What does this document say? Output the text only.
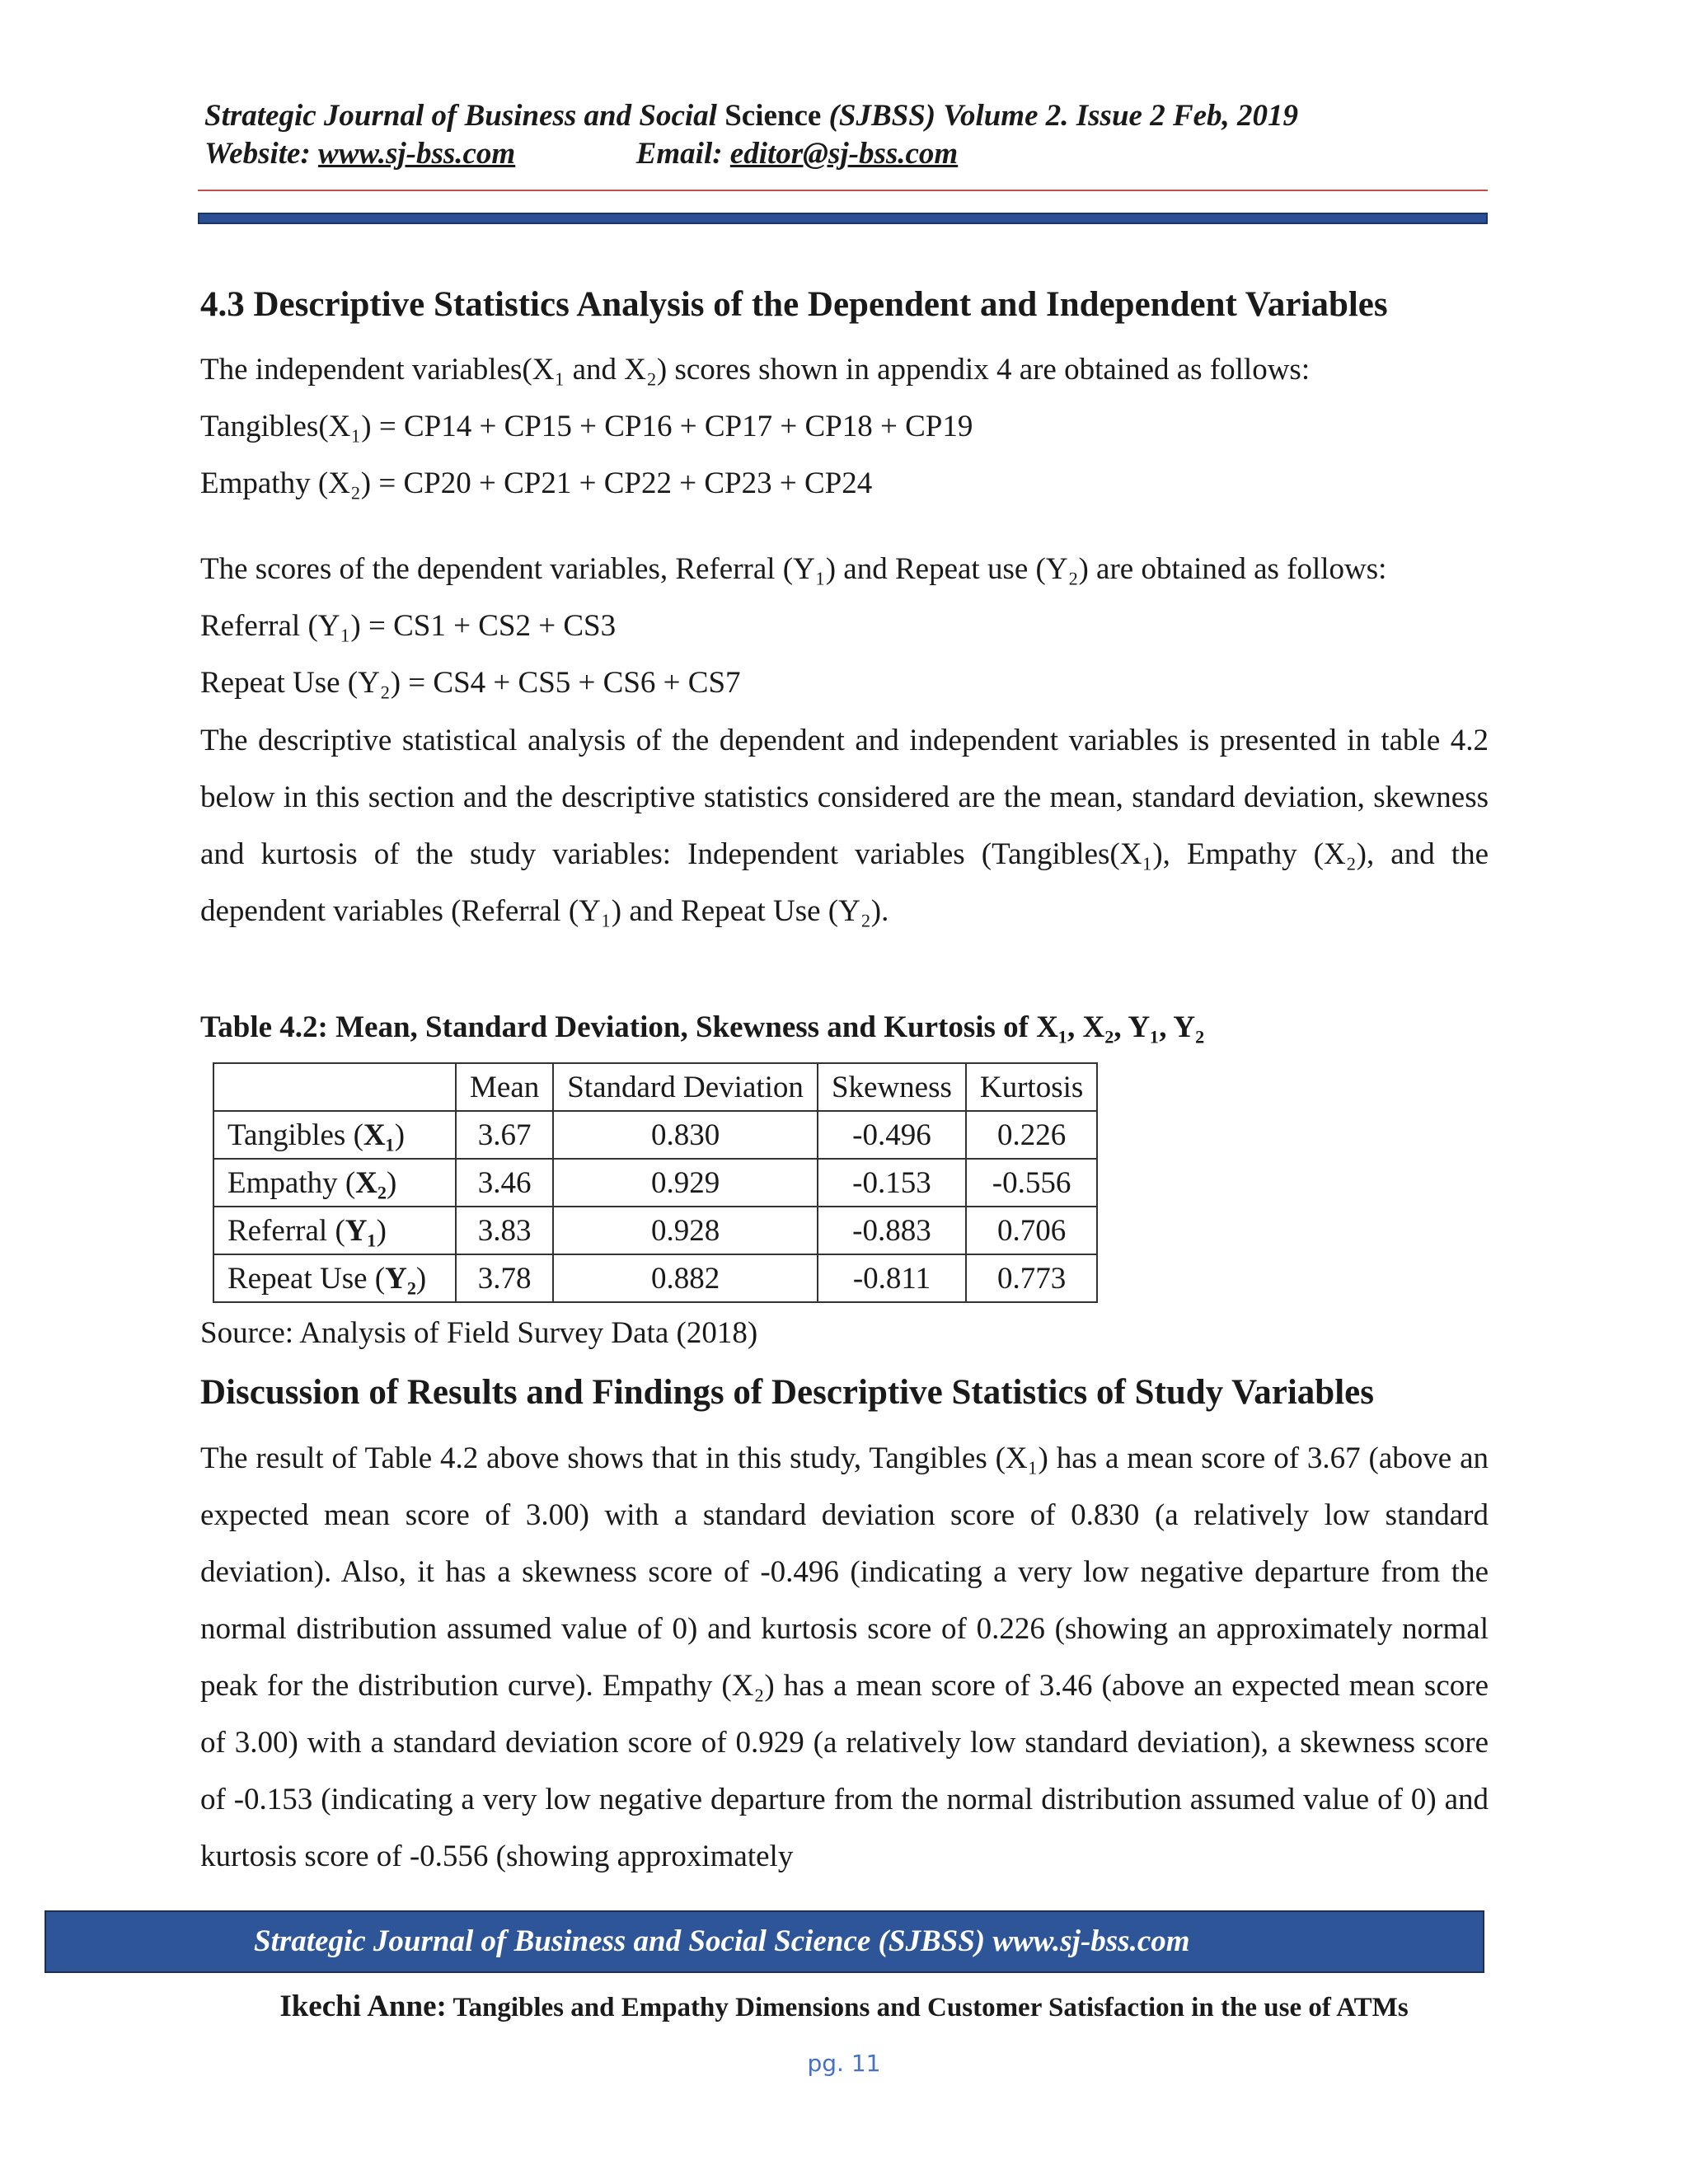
Strategic Journal of Business and Social Science (SJBSS) Volume 2. Issue 2 Feb, 2019
Website: www.sj-bss.com	Email: editor@sj-bss.com
4.3 Descriptive Statistics Analysis of the Dependent and Independent Variables
The independent variables(X₁ and X₂) scores shown in appendix 4 are obtained as follows:
Tangibles(X₁) = CP14 + CP15 + CP16 + CP17 + CP18 + CP19
Empathy (X₂) = CP20 + CP21 + CP22 + CP23 + CP24
The scores of the dependent variables, Referral (Y₁) and Repeat use (Y₂) are obtained as follows:
Referral (Y₁) = CS1 + CS2 + CS3
Repeat Use (Y₂) = CS4 + CS5 + CS6 + CS7

The descriptive statistical analysis of the dependent and independent variables is presented in table 4.2 below in this section and the descriptive statistics considered are the mean, standard deviation, skewness and kurtosis of the study variables: Independent variables (Tangibles(X₁), Empathy (X₂), and the dependent variables (Referral (Y₁) and Repeat Use (Y₂).

Table 4.2: Mean, Standard Deviation, Skewness and Kurtosis of X₁, X₂, Y₁, Y₂
	Mean	Standard Deviation	Skewness	Kurtosis
Tangibles (X₁)	3.67	0.830	-0.496	0.226
Empathy (X₂)	3.46	0.929	-0.153	-0.556
Referral (Y₁)	3.83	0.928	-0.883	0.706
Repeat Use (Y₂)	3.78	0.882	-0.811	0.773
Source: Analysis of Field Survey Data (2018)
Discussion of Results and Findings of Descriptive Statistics of Study Variables

The result of Table 4.2 above shows that in this study, Tangibles (X₁) has a mean score of 3.67 (above an expected mean score of 3.00) with a standard deviation score of 0.830 (a relatively low standard deviation). Also, it has a skewness score of -0.496 (indicating a very low negative departure from the normal distribution assumed value of 0) and kurtosis score of 0.226 (showing an approximately normal peak for the distribution curve). Empathy (X₂) has a mean score of 3.46 (above an expected mean score of 3.00) with a standard deviation score of 0.929 (a relatively low standard deviation), a skewness score of -0.153 (indicating a very low negative departure from the normal distribution assumed value of 0) and kurtosis score of -0.556 (showing approximately

Strategic Journal of Business and Social Science (SJBSS) www.sj-bss.com
Ikechi Anne: Tangibles and Empathy Dimensions and Customer Satisfaction in the use of ATMs
pg. 11
